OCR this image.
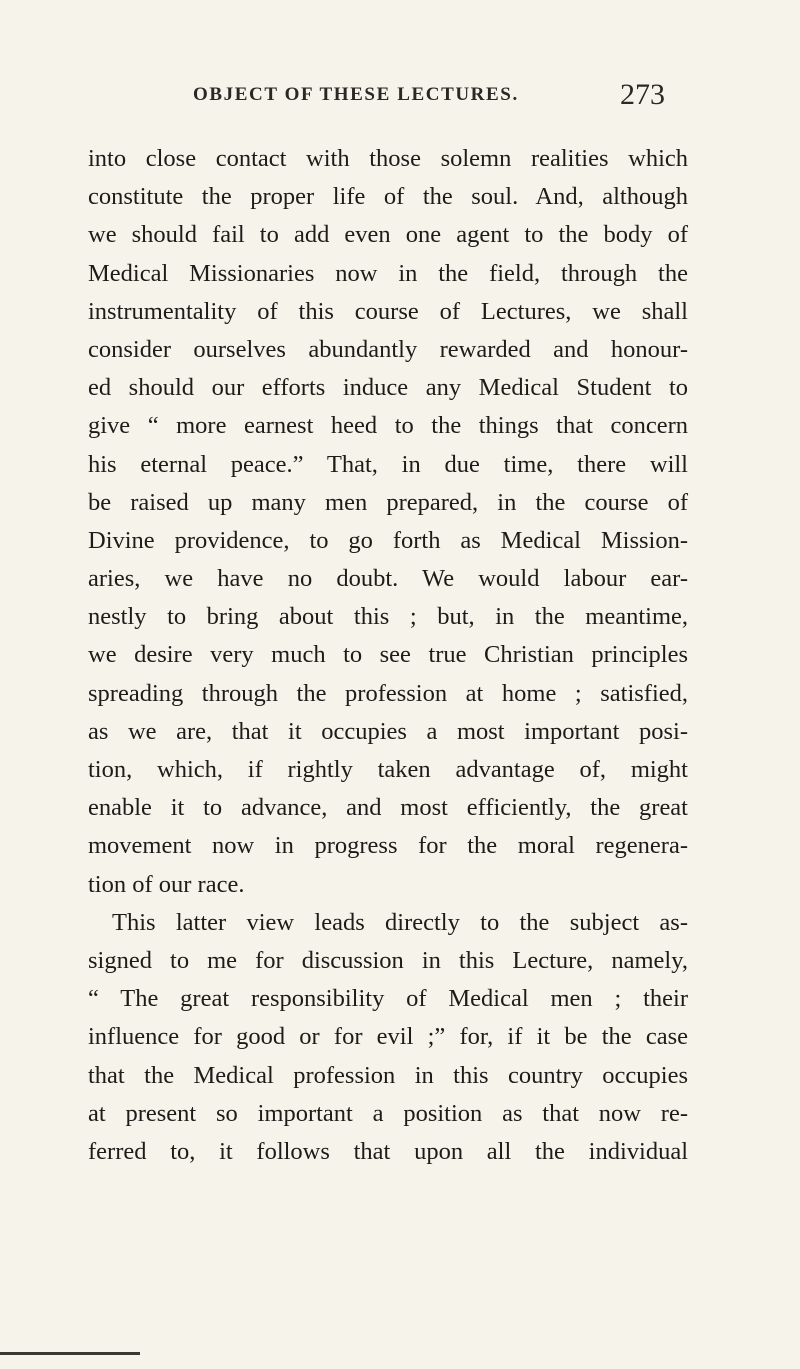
OBJECT OF THESE LECTURES.	273
into close contact with those solemn realities which
constitute the proper life of the soul. And, although
we should fail to add even one agent to the body of
Medical Missionaries now in the field, through the
instrumentality of this course of Lectures, we shall
consider ourselves abundantly rewarded and honour-
ed should our efforts induce any Medical Student to
give “ more earnest heed to the things that concern
his eternal peace.” That, in due time, there will
be raised up many men prepared, in the course of
Divine providence, to go forth as Medical Mission-
aries, we have no doubt. We would labour ear-
nestly to bring about this ; but, in the meantime,
we desire very much to see true Christian principles
spreading through the profession at home ; satisfied,
as we are, that it occupies a most important posi-
tion, which, if rightly taken advantage of, might
enable it to advance, and most efficiently, the great
movement now in progress for the moral regenera-
tion of our race.
This latter view leads directly to the subject as-
signed to me for discussion in this Lecture, namely,
“ The great responsibility of Medical men ; their
influence for good or for evil ;” for, if it be the case
that the Medical profession in this country occupies
at present so important a position as that now re-
ferred to, it follows that upon all the individual
